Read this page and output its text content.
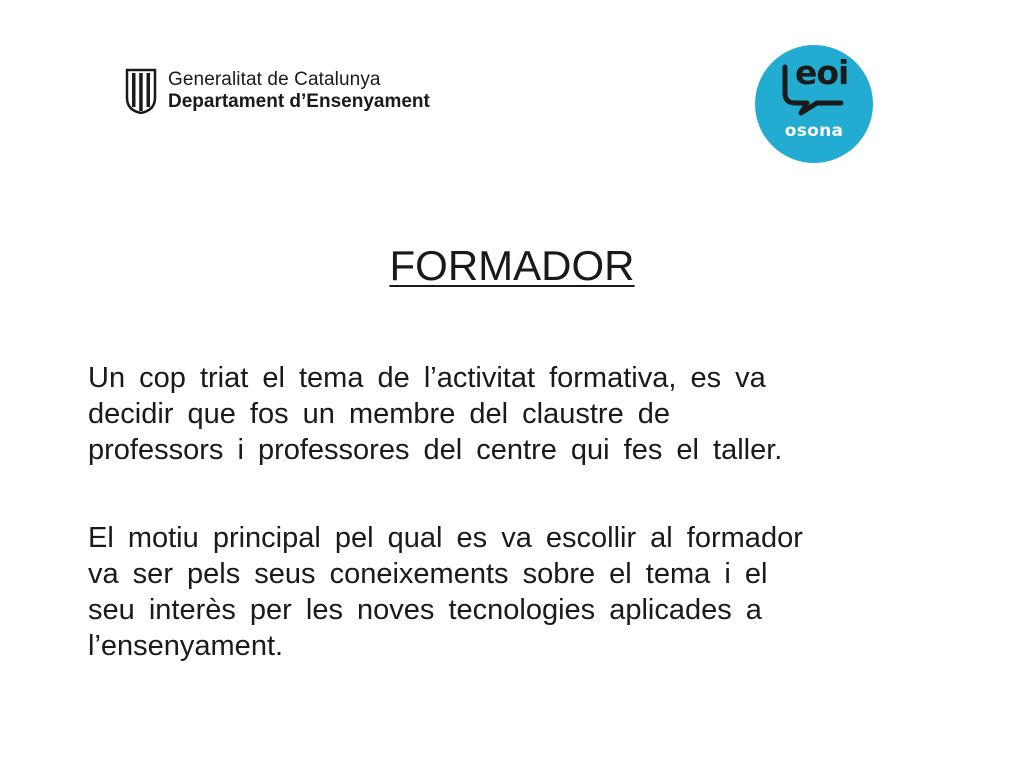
Generalitat de Catalunya
Departament d’Ensenyament
eoi
osona
FORMADOR

Un cop triat el tema de l’activitat formativa, es va
decidir que fos un membre del claustre de
professors i professores del centre qui fes el taller.

El motiu principal pel qual es va escollir al formador
va ser pels seus coneixements sobre el tema i el
seu interès per les noves tecnologies aplicades a
l’ensenyament.
